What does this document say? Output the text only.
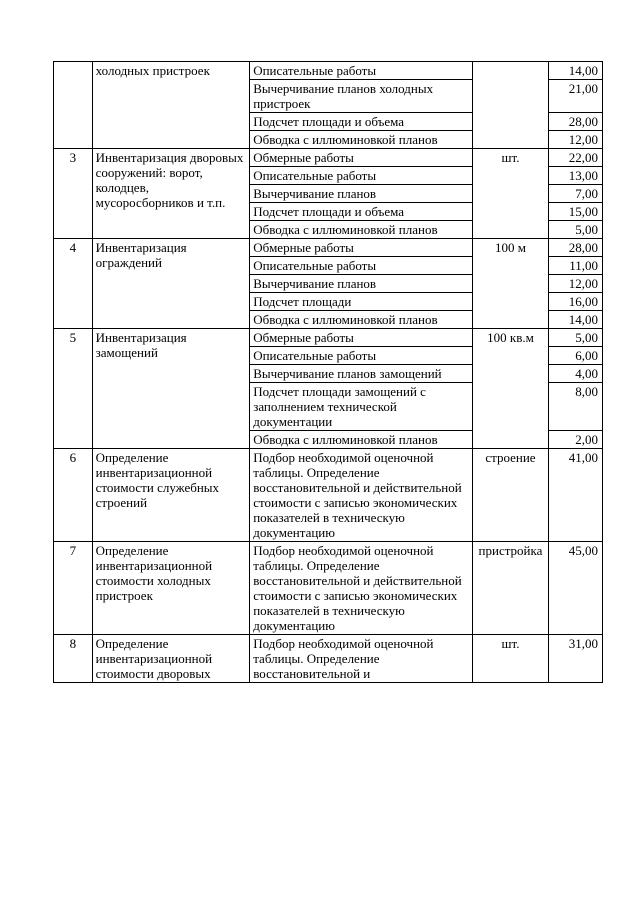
	холодных пристроек	Описательные работы		14,00
		Вычерчивание планов холодных пристроек		21,00
		Подсчет площади и объема		28,00
		Обводка с иллюминовкой планов		12,00
3	Инвентаризация дворовых сооружений: ворот, колодцев, мусоросборников и т.п.	Обмерные работы	шт.	22,00
		Описательные работы		13,00
		Вычерчивание планов		7,00
		Подсчет площади и объема		15,00
		Обводка с иллюминовкой планов		5,00
4	Инвентаризация ограждений	Обмерные работы	100 м	28,00
		Описательные работы		11,00
		Вычерчивание планов		12,00
		Подсчет площади		16,00
		Обводка с иллюминовкой планов		14,00
5	Инвентаризация замощений	Обмерные работы	100 кв.м	5,00
		Описательные работы		6,00
		Вычерчивание планов замощений		4,00
		Подсчет площади замощений с заполнением технической документации		8,00
		Обводка с иллюминовкой планов		2,00
6	Определение инвентаризационной стоимости служебных строений	Подбор необходимой оценочной таблицы. Определение восстановительной и действительной стоимости с записью экономических показателей в техническую документацию	строение	41,00
7	Определение инвентаризационной стоимости холодных пристроек	Подбор необходимой оценочной таблицы. Определение восстановительной и действительной стоимости с записью экономических показателей в техническую документацию	пристройка	45,00
8	Определение инвентаризационной стоимости дворовых	Подбор необходимой оценочной таблицы. Определение восстановительной и	шт.	31,00
